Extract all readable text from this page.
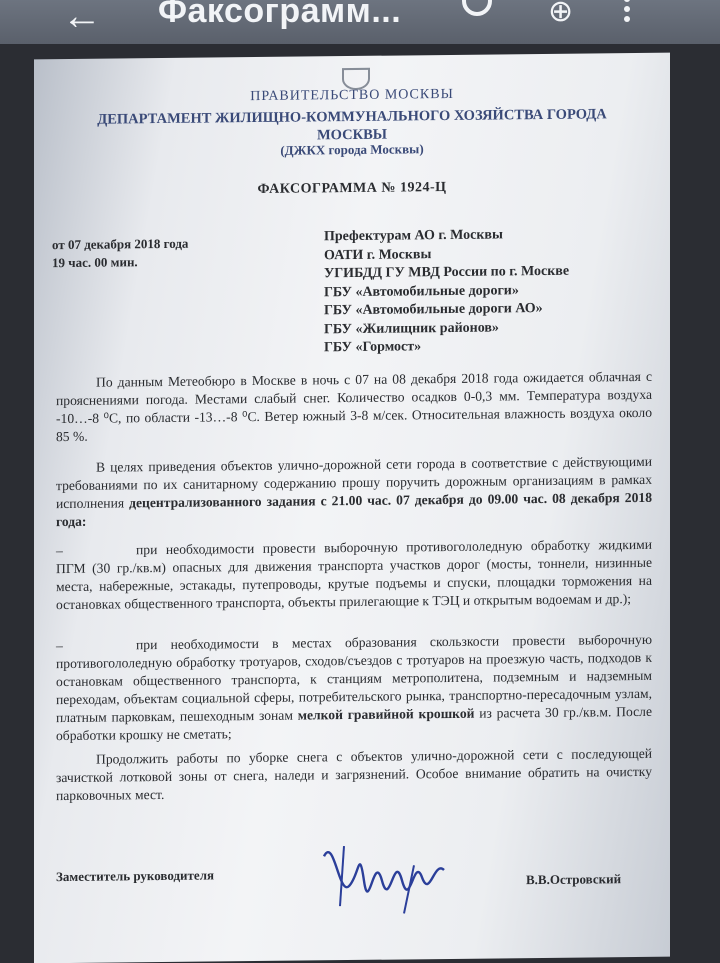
← Факсограмм...	⊕
ПРАВИТЕЛЬСТВО МОСКВЫ
ДЕПАРТАМЕНТ ЖИЛИЩНО-КОММУНАЛЬНОГО ХОЗЯЙСТВА ГОРОДА МОСКВЫ
(ДЖКХ города Москвы)
ФАКСОГРАММА № 1924-Ц
от 07 декабря 2018 года
19 час. 00 мин.
Префектурам АО г. Москвы
ОАТИ г. Москвы
УГИБДД ГУ МВД России по г. Москве
ГБУ «Автомобильные дороги»
ГБУ «Автомобильные дороги АО»
ГБУ «Жилищник районов»
ГБУ «Гормост»
По данным Метеобюро в Москве в ночь с 07 на 08 декабря 2018 года ожидается облачная с прояснениями погода. Местами слабый снег. Количество осадков 0-0,3 мм. Температура воздуха -10…-8 ⁰С, по области -13…-8 ⁰С. Ветер южный 3-8 м/сек. Относительная влажность воздуха около 85 %.
В целях приведения объектов улично-дорожной сети города в соответствие с действующими требованиями по их санитарному содержанию прошу поручить дорожным организациям в рамках исполнения децентрализованного задания с 21.00 час. 07 декабря до 09.00 час. 08 декабря 2018 года:
–	при необходимости провести выборочную противогололедную обработку жидкими ПГМ (30 гр./кв.м) опасных для движения транспорта участков дорог (мосты, тоннели, низинные места, набережные, эстакады, путепроводы, крутые подъемы и спуски, площадки торможения на остановках общественного транспорта, объекты прилегающие к ТЭЦ и открытым водоемам и др.);
–	при необходимости в местах образования скользкости провести выборочную противогололедную обработку тротуаров, сходов/съездов с тротуаров на проезжую часть, подходов к остановкам общественного транспорта, к станциям метрополитена, подземным и надземным переходам, объектам социальной сферы, потребительского рынка, транспортно-пересадочным узлам, платным парковкам, пешеходным зонам мелкой гравийной крошкой из расчета 30 гр./кв.м. После обработки крошку не сметать;
Продолжить работы по уборке снега с объектов улично-дорожной сети с последующей зачисткой лотковой зоны от снега, наледи и загрязнений. Особое внимание обратить на очистку парковочных мест.
Заместитель руководителя	В.В.Островский
